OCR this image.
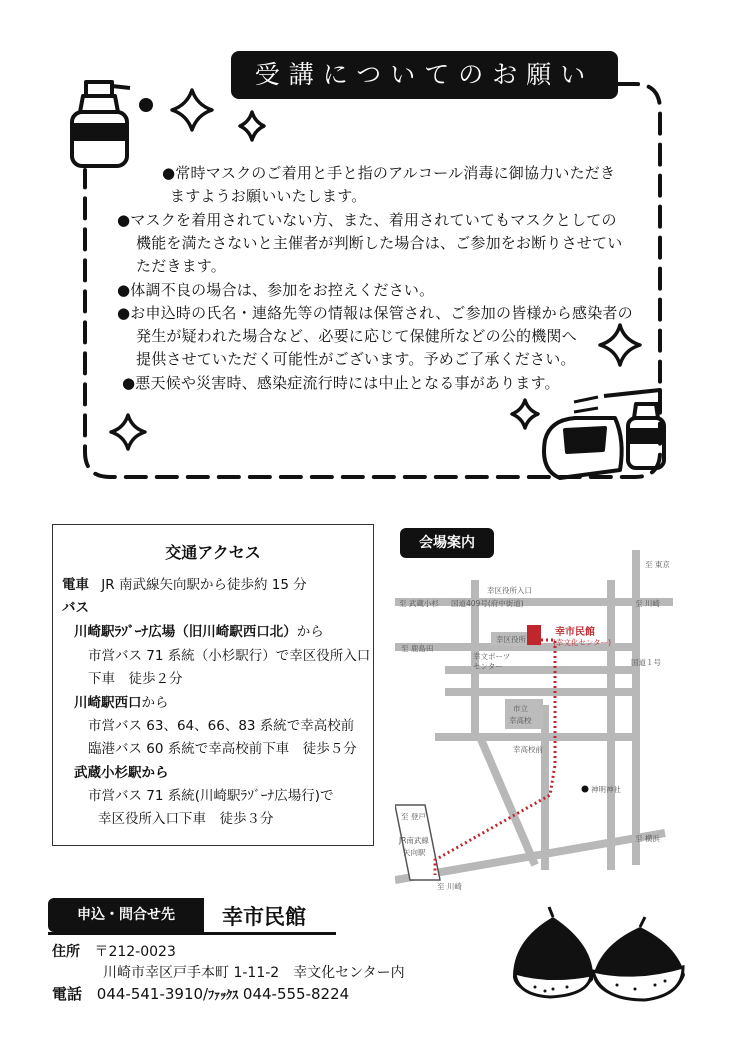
受講についてのお願い
●常時マスクのご着用と手と指のアルコール消毒に御協力いただき
ますようお願いいたします。
●マスクを着用されていない方、また、着用されていてもマスクとしての
機能を満たさないと主催者が判断した場合は、ご参加をお断りさせてい
ただきます。
●体調不良の場合は、参加をお控えください。
●お申込時の氏名・連絡先等の情報は保管され、ご参加の皆様から感染者の
発生が疑われた場合など、必要に応じて保健所などの公的機関へ
提供させていただく可能性がございます。予めご了承ください。
●悪天候や災害時、感染症流行時には中止となる事があります。
交通アクセス
電車 JR 南武線矢向駅から徒歩約 15 分
バス
川崎駅ﾗｿﾞｰﾅ広場（旧川崎駅西口北）から
市営バス 71 系統（小杉駅行）で幸区役所入口
下車　徒歩２分
川崎駅西口から
市営バス 63、64、66、83 系統で幸高校前
臨港バス 60 系統で幸高校前下車　徒歩５分
武蔵小杉駅から
市営バス 71 系統(川崎駅ﾗｿﾞｰﾅ広場行)で
幸区役所入口下車　徒歩３分
幸区役所入口
至 武蔵小杉 国道409号(府中街道)	至 川崎
至 東京
至 鹿島田
幸区役所
幸文ポーツ
センター	国道１号
市立
幸高校
幸高校前
神明神社
至 横浜
至 登戸
JR南武線
矢向駅
至 川崎
幸市民館
(幸文化センター)
会場案内
申込・問合せ先	幸市民館
住所 〒212-0023
川崎市幸区戸手本町 1-11-2　幸文化センター内
電話 044-541-3910/ﾌｧｯｸｽ 044-555-8224
